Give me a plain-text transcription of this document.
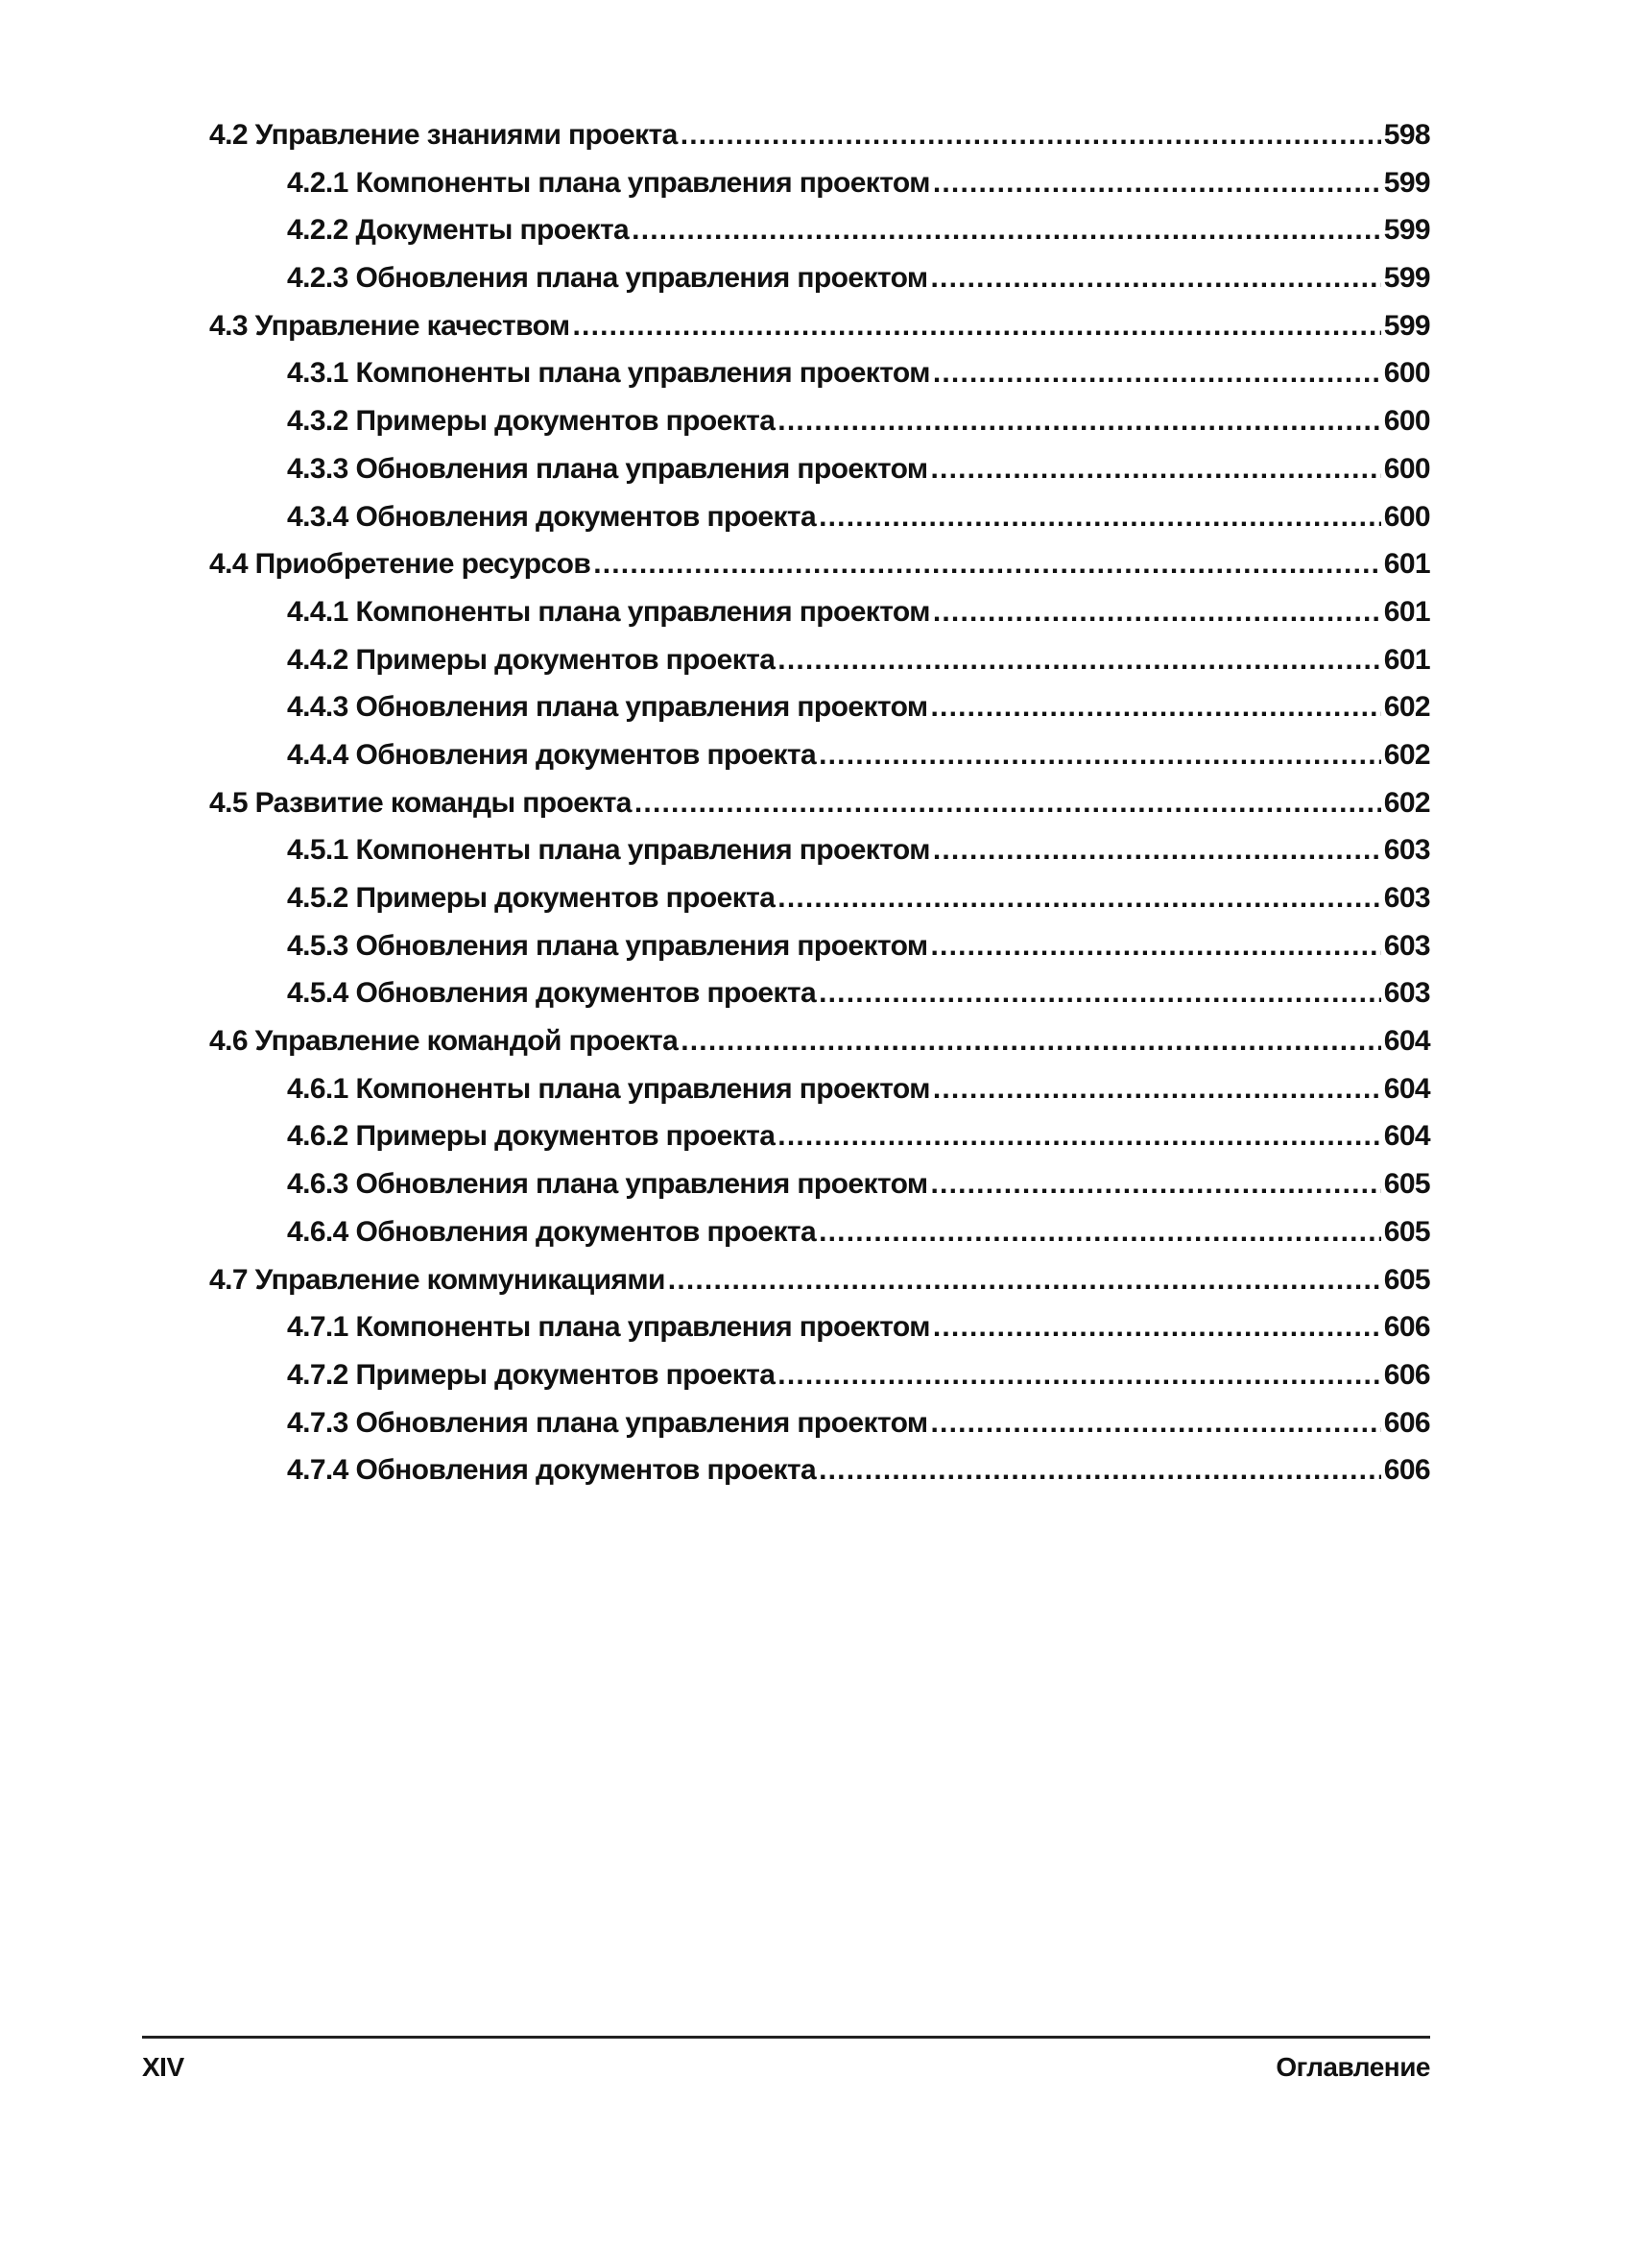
4.2 Управление знаниями проекта .....	598
4.2.1 Компоненты плана управления проектом .....	599
4.2.2 Документы проекта .....	599
4.2.3 Обновления плана управления проектом .....	599
4.3 Управление качеством .....	599
4.3.1 Компоненты плана управления проектом .....	600
4.3.2 Примеры документов проекта .....	600
4.3.3 Обновления плана управления проектом .....	600
4.3.4 Обновления документов проекта .....	600
4.4 Приобретение ресурсов .....	601
4.4.1 Компоненты плана управления проектом .....	601
4.4.2 Примеры документов проекта .....	601
4.4.3 Обновления плана управления проектом .....	602
4.4.4 Обновления документов проекта .....	602
4.5 Развитие команды проекта .....	602
4.5.1 Компоненты плана управления проектом .....	603
4.5.2 Примеры документов проекта .....	603
4.5.3 Обновления плана управления проектом .....	603
4.5.4 Обновления документов проекта .....	603
4.6 Управление командой проекта .....	604
4.6.1 Компоненты плана управления проектом .....	604
4.6.2 Примеры документов проекта .....	604
4.6.3 Обновления плана управления проектом .....	605
4.6.4 Обновления документов проекта .....	605
4.7 Управление коммуникациями .....	605
4.7.1 Компоненты плана управления проектом .....	606
4.7.2 Примеры документов проекта .....	606
4.7.3 Обновления плана управления проектом .....	606
4.7.4 Обновления документов проекта .....	606
XIV	Оглавление
